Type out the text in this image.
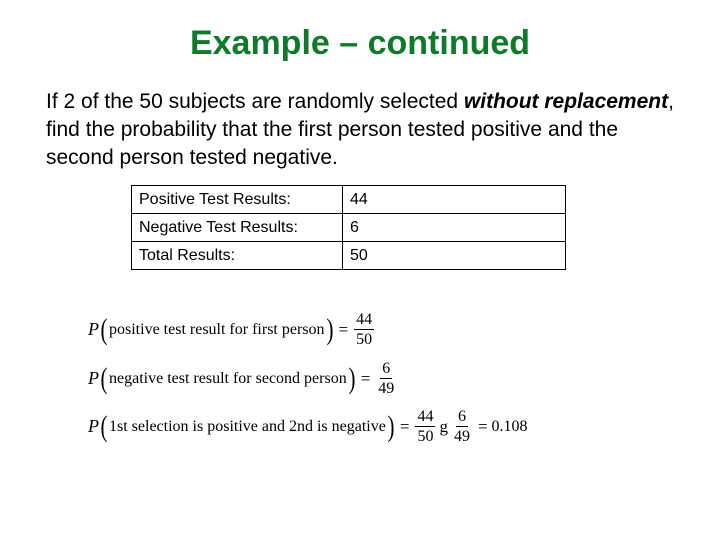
Example – continued
If 2 of the 50 subjects are randomly selected without replacement, find the probability that the first person tested positive and the second person tested negative.
Positive Test Results:	44
Negative Test Results:	6
Total Results:	50
P ( positive test result for first person ) = $\frac{44}{50}$
P ( negative test result for second person ) = $\frac{6}{49}$
P ( 1st selection is positive and 2nd is negative ) = $\frac{44}{50}$ g $\frac{6}{49} = 0.108$
